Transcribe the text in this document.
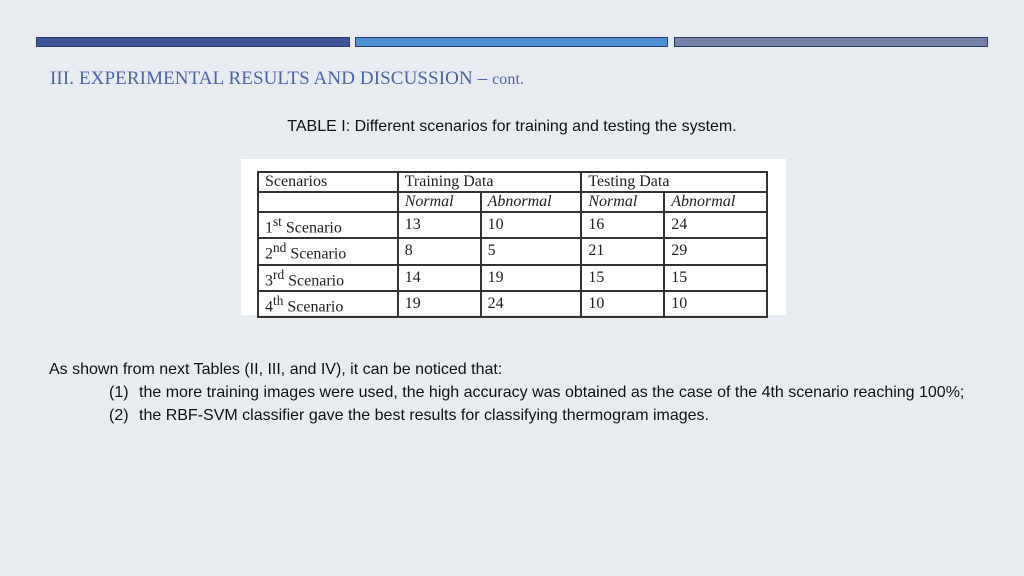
III. EXPERIMENTAL RESULTS AND DISCUSSION – cont.
TABLE I: Different scenarios for training and testing the system.
Scenarios	Training Data		Testing Data	
	Normal	Abnormal	Normal	Abnormal
1st Scenario	13	10	16	24
2nd Scenario	8	5	21	29
3rd Scenario	14	19	15	15
4th Scenario	19	24	10	10
As shown from next Tables (II, III, and IV), it can be noticed that:
(1) the more training images were used, the high accuracy was obtained as the case of the 4th scenario reaching 100%;
(2) the RBF-SVM classifier gave the best results for classifying thermogram images.
